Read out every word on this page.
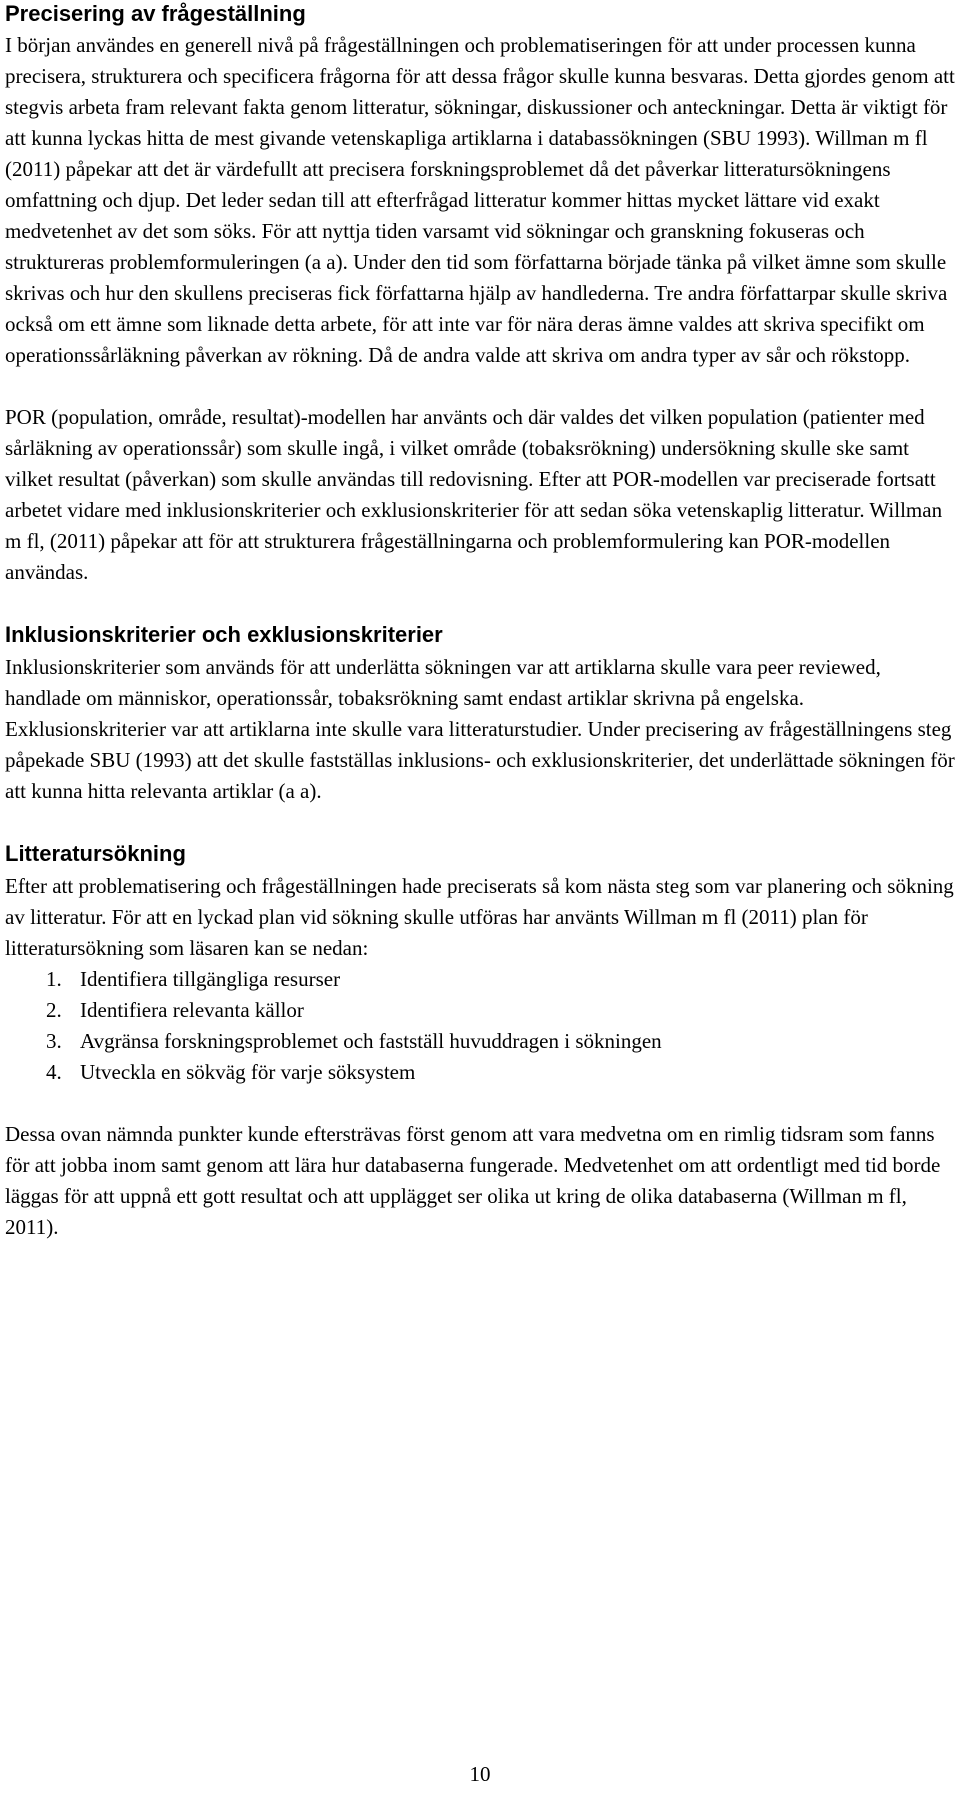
Precisering av frågeställning

I början användes en generell nivå på frågeställningen och problematiseringen för att under processen kunna precisera, strukturera och specificera frågorna för att dessa frågor skulle kunna besvaras. Detta gjordes genom att stegvis arbeta fram relevant fakta genom litteratur, sökningar, diskussioner och anteckningar. Detta är viktigt för att kunna lyckas hitta de mest givande vetenskapliga artiklarna i databassökningen (SBU 1993). Willman m fl (2011) påpekar att det är värdefullt att precisera forskningsproblemet då det påverkar litteratursökningens omfattning och djup. Det leder sedan till att efterfrågad litteratur kommer hittas mycket lättare vid exakt medvetenhet av det som söks. För att nyttja tiden varsamt vid sökningar och granskning fokuseras och struktureras problemformuleringen (a a). Under den tid som författarna började tänka på vilket ämne som skulle skrivas och hur den skullens preciseras fick författarna hjälp av handlederna. Tre andra författarpar skulle skriva också om ett ämne som liknade detta arbete, för att inte var för nära deras ämne valdes att skriva specifikt om operationssårläkning påverkan av rökning. Då de andra valde att skriva om andra typer av sår och rökstopp.

POR (population, område, resultat)-modellen har använts och där valdes det vilken population (patienter med sårläkning av operationssår) som skulle ingå, i vilket område (tobaksrökning) undersökning skulle ske samt vilket resultat (påverkan) som skulle användas till redovisning. Efter att POR-modellen var preciserade fortsatt arbetet vidare med inklusionskriterier och exklusionskriterier för att sedan söka vetenskaplig litteratur. Willman m fl, (2011) påpekar att för att strukturera frågeställningarna och problemformulering kan POR-modellen användas.

Inklusionskriterier och exklusionskriterier

Inklusionskriterier som används för att underlätta sökningen var att artiklarna skulle vara peer reviewed, handlade om människor, operationssår, tobaksrökning samt endast artiklar skrivna på engelska. Exklusionskriterier var att artiklarna inte skulle vara litteraturstudier. Under precisering av frågeställningens steg påpekade SBU (1993) att det skulle fastställas inklusions- och exklusionskriterier, det underlättade sökningen för att kunna hitta relevanta artiklar (a a).

Litteratursökning

Efter att problematisering och frågeställningen hade preciserats så kom nästa steg som var planering och sökning av litteratur. För att en lyckad plan vid sökning skulle utföras har använts Willman m fl (2011) plan för litteratursökning som läsaren kan se nedan:

1. Identifiera tillgängliga resurser
2. Identifiera relevanta källor
3. Avgränsa forskningsproblemet och fastställ huvuddragen i sökningen
4. Utveckla en sökväg för varje söksystem

Dessa ovan nämnda punkter kunde eftersträvas först genom att vara medvetna om en rimlig tidsram som fanns för att jobba inom samt genom att lära hur databaserna fungerade. Medvetenhet om att ordentligt med tid borde läggas för att uppnå ett gott resultat och att upplägget ser olika ut kring de olika databaserna (Willman m fl, 2011).

10
